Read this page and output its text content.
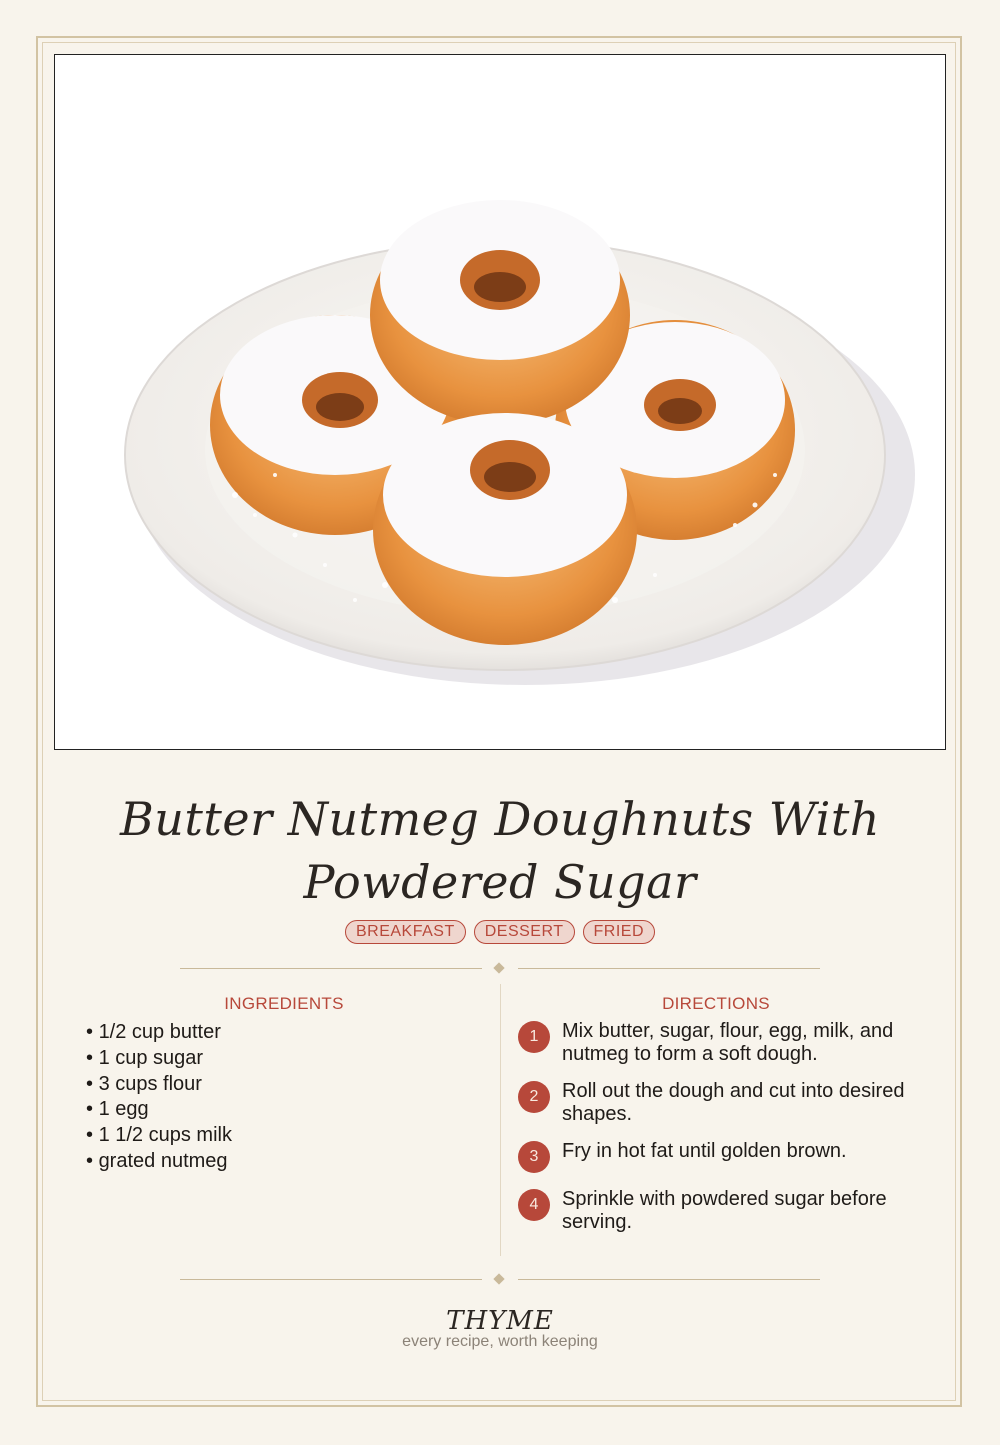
Butter Nutmeg Doughnuts With
Powdered Sugar
BREAKFAST	DESSERT	FRIED
INGREDIENTS
• 1/2 cup butter
• 1 cup sugar
• 3 cups flour
• 1 egg
• 1 1/2 cups milk
• grated nutmeg
DIRECTIONS
1	Mix butter, sugar, flour, egg, milk, and nutmeg to form a soft dough.
2	Roll out the dough and cut into desired shapes.
3	Fry in hot fat until golden brown.
4	Sprinkle with powdered sugar before serving.
THYME
every recipe, worth keeping
